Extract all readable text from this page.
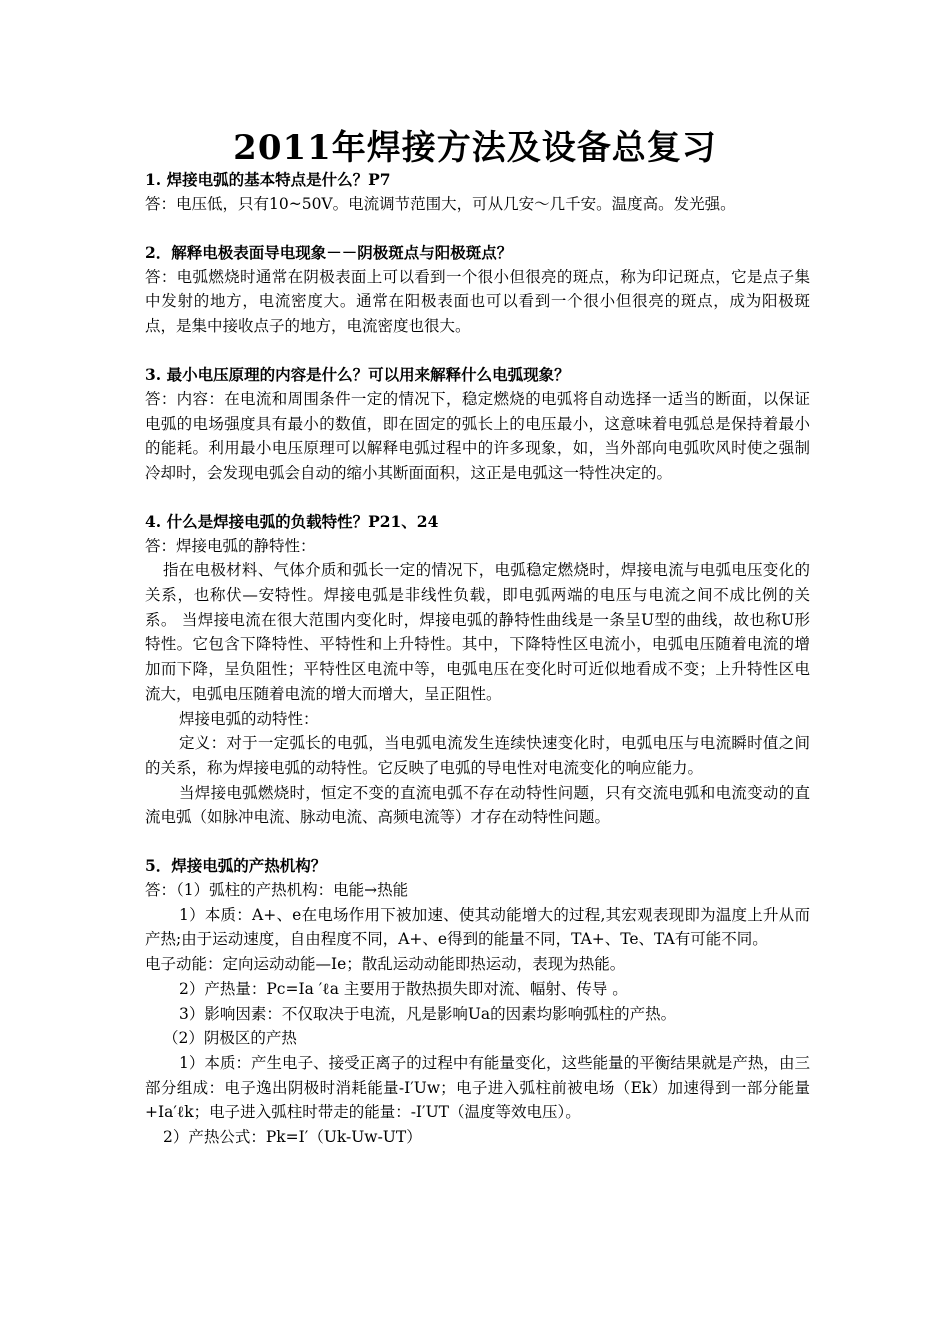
2011年焊接方法及设备总复习

1. 焊接电弧的基本特点是什么？P7

答：电压低，只有10~50V。电流调节范围大，可从几安～几千安。温度高。发光强。

2．解释电极表面导电现象－－阴极斑点与阳极斑点？

答：电弧燃烧时通常在阴极表面上可以看到一个很小但很亮的斑点，称为印记斑点，它是点子集中发射的地方，电流密度大。通常在阳极表面也可以看到一个很小但很亮的斑点，成为阳极斑点，是集中接收点子的地方，电流密度也很大。

3. 最小电压原理的内容是什么？可以用来解释什么电弧现象？

答：内容：在电流和周围条件一定的情况下，稳定燃烧的电弧将自动选择一适当的断面，以保证电弧的电场强度具有最小的数值，即在固定的弧长上的电压最小，这意味着电弧总是保持着最小的能耗。利用最小电压原理可以解释电弧过程中的许多现象，如，当外部向电弧吹风时使之强制冷却时，会发现电弧会自动的缩小其断面面积，这正是电弧这一特性决定的。

4. 什么是焊接电弧的负载特性？P21、24

答：焊接电弧的静特性：

指在电极材料、气体介质和弧长一定的情况下，电弧稳定燃烧时，焊接电流与电弧电压变化的关系，也称伏—安特性。焊接电弧是非线性负载，即电弧两端的电压与电流之间不成比例的关系。 当焊接电流在很大范围内变化时，焊接电弧的静特性曲线是一条呈U型的曲线，故也称U形特性。它包含下降特性、平特性和上升特性。其中，下降特性区电流小，电弧电压随着电流的增加而下降，呈负阻性；平特性区电流中等，电弧电压在变化时可近似地看成不变；上升特性区电流大，电弧电压随着电流的增大而增大，呈正阻性。

焊接电弧的动特性：

定义：对于一定弧长的电弧，当电弧电流发生连续快速变化时，电弧电压与电流瞬时值之间的关系，称为焊接电弧的动特性。它反映了电弧的导电性对电流变化的响应能力。

当焊接电弧燃烧时，恒定不变的直流电弧不存在动特性问题，只有交流电弧和电流变动的直流电弧（如脉冲电流、脉动电流、高频电流等）才存在动特性问题。

5．焊接电弧的产热机构？

答：（1）弧柱的产热机构：电能→热能

1）本质：A+、e在电场作用下被加速、使其动能增大的过程,其宏观表现即为温度上升从而产热;由于运动速度，自由程度不同，A+、e得到的能量不同，TA+、Te、TA有可能不同。

电子动能：定向运动动能—Ie；散乱运动动能即热运动，表现为热能。

2）产热量：Pc=Ia ′ℓa 主要用于散热损失即对流、幅射、传导 。

3）影响因素：不仅取决于电流，凡是影响Ua的因素均影响弧柱的产热。

（2）阴极区的产热

1）本质：产生电子、接受正离子的过程中有能量变化，这些能量的平衡结果就是产热，由三部分组成：电子逸出阴极时消耗能量-I′Uw；电子进入弧柱前被电场（Ek）加速得到一部分能量+Ia′ℓk；电子进入弧柱时带走的能量：-I′UT（温度等效电压）。

2）产热公式：Pk=I′（Uk-Uw-UT）
